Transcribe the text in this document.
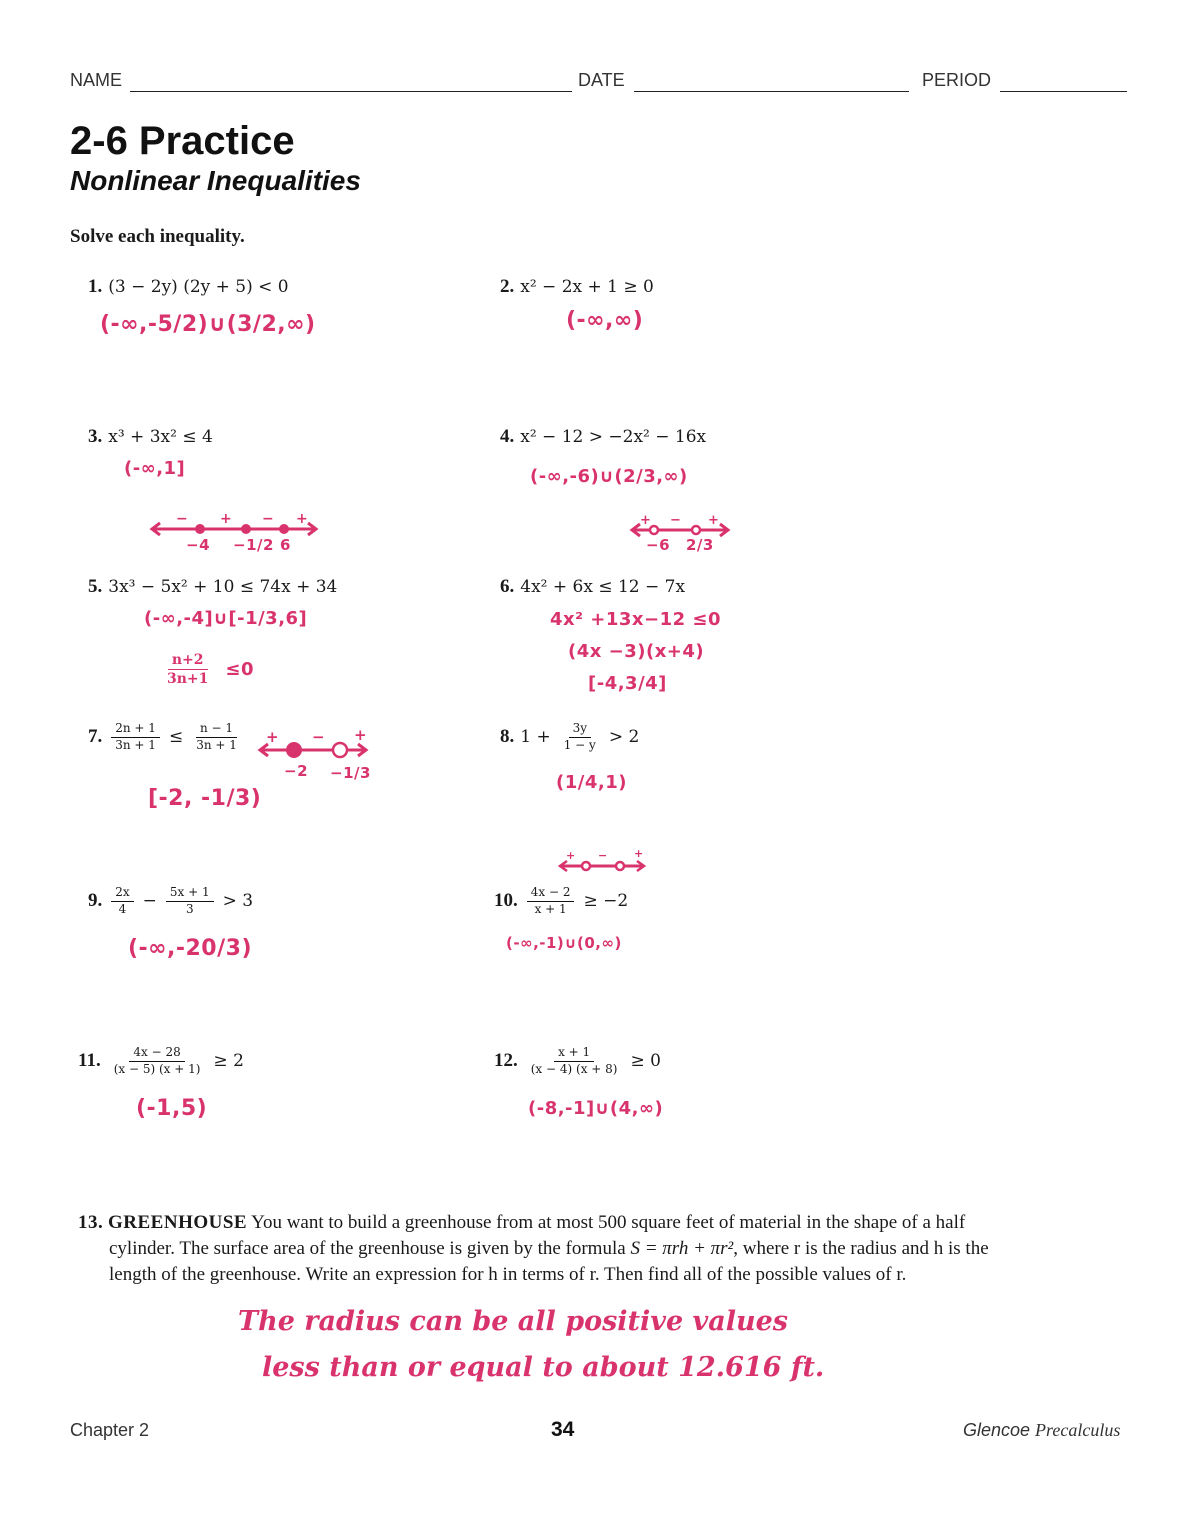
NAME	DATE	PERIOD
2-6 Practice
Nonlinear Inequalities
Solve each inequality.
1. (3 − 2y) (2y + 5) < 0
(-∞,-5/2)∪(3/2,∞)
2. x² − 2x + 1 ≥ 0
(-∞,∞)
3. x³ + 3x² ≤ 4
(-∞,1]
− + − +
−4 −1/2 6
4. x² − 12 > −2x² − 16x
(-∞,-6)∪(2/3,∞)
+ − +
−6 2/3
5. 3x³ − 5x² + 10 ≤ 74x + 34
(-∞,-4]∪[-1/3,6]
$\frac{n+2}{3n+1} \le 0$
6. 4x² + 6x ≤ 12 − 7x
4x² +13x−12 ≤0
(4x −3)(x+4)
[-4,3/4]
7. $\frac{2n + 1}{3n + 1} \le \frac{n - 1}{3n + 1}$ + − +
−2 −1/3
[-2, -1/3)
8. $1 + \frac{3y}{1 - y} > 2$
(1/4,1)
+ − +
9. $\frac{2x}{4} - \frac{5x + 1}{3} > 3$
(-∞,-20/3)
10. $\frac{4x - 2}{x + 1} \ge -2$
(-∞,-1)∪(0,∞)
11. $\frac{4x - 28}{(x - 5) (x + 1)} \ge 2$
(-1,5)
12. $\frac{x + 1}{(x - 4) (x + 8)} \ge 0$
(-8,-1]∪(4,∞)
13. GREENHOUSE You want to build a greenhouse from at most 500 square feet of material in the shape of a half
cylinder. The surface area of the greenhouse is given by the formula S = πrh + πr², where r is the radius and h is the
length of the greenhouse. Write an expression for h in terms of r. Then find all of the possible values of r.
The radius can be all positive values
less than or equal to about 12.616 ft.
Chapter 2	34	Glencoe Precalculus
